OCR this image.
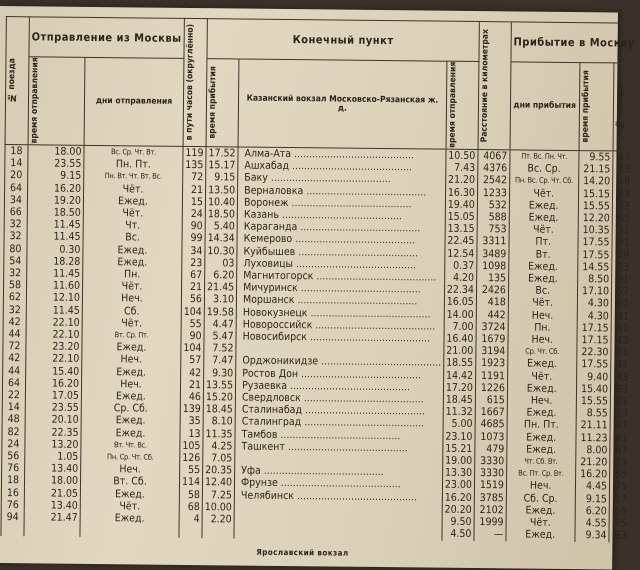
№ поезда	Отправление из Москвы		в пути часов (округлённо)	Конечный пункт			Расстояние в километрах	Прибытие в Москву		

	время отправления	дни отправления		время прибытия	Казанский вокзал Московско-Рязанская ж. д.	время отправления		дни прибытия	время прибытия	№ поезда

18	18.00	Вс. Ср. Чт. Вт.	119	17.52	Алма-Ата .....	10.50	4067	Пт. Вс. Пн. Чт.	9.55	17
14	23.55	Пн. Пт.	135	15.17	Ашхабад .....	7.43	4376	Вс. Ср.	21.15	13
20	9.15	Пн. Вт. Чт. Вт. Вс.	72	9.15	Баку .....	21.20	2542	Пн. Вс. Ср. Чт. Сб.	14.20	19
64	16.20	Чёт.	21	13.50	Верналовка .....	16.30	1233	Чёт.	15.15	63
34	19.20	Ежед.	15	10.40	Воронеж .....	19.40	532	Ежед.	15.55	33
66	18.50	Чёт.	24	18.50	Казань .....	15.05	588	Ежед.	12.20	65
32	11.45	Чт.	90	5.40	Караганда .....	13.15	753	Чёт.	10.35	31
32	11.45	Вс.	99	14.34	Кемерово .....	22.45	3311	Пт.	17.55	31
80	0.30	Ежед.	34	10.30	Куйбышев .....	12.54	3489	Вт.	17.55	79
54	18.28	Ежед.	23	03	Луховицы .....	0.37	1098	Ежед.	14.55	53
32	11.45	Пн.	67	6.20	Магнитогорск .....	4.20	135	Ежед.	8.50	31
58	11.60	Чёт.	21	21.45	Мичуринск .....	22.34	2426	Вс.	17.10	57
62	12.10	Неч.	56	3.10	Моршанск .....	16.05	418	Чёт.	4.30	61
32	11.45	Сб.	104	19.58	Новокузнецк .....	14.00	442	Неч.	4.30	31
42	22.10	Чёт.	55	4.47	Новороссийск .....	7.00	3724	Пн.	17.15	41
44	22.10	Вт. Ср. Пт.	90	5.47	Новосибирск .....	16.40	1679	Неч.	17.15	43
72	23.20	Ежед.	104	7.52		21.00	3194	Ср. Чт. Сб.	22.30	71
42	22.10	Неч.	57	7.47	Орджоникидзе .....	18.55	1923	Ежед.	17.55	41
44	15.40	Ежед.	42	9.30	Ростов Дон .....	14.42	1191	Чёт.	9.40	43
64	16.20	Неч.	21	13.55	Рузаевка .....	17.20	1226	Ежед.	15.40	63
22	17.05	Ежед.	46	15.20	Свердловск .....	18.45	615	Неч.	15.55	21
14	23.55	Ср. Сб.	139	18.45	Сталинабад .....	11.32	1667	Ежед.	8.55	13
48	20.10	Ежед.	35	8.10	Сталинград .....	5.00	4685	Пн. Пт.	21.11	47
82	22.35	Ежед.	13	11.35	Тамбов .....	23.10	1073	Ежед.	11.23	81
24	13.20	Вт. Чт. Вс.	105	4.25	Ташкент .....	15.21	479	Ежед.	8.00	67
56	1.05	Пн. Ср. Чт. Сб.	126	7.05		19.00	3330	Чт. Сб. Вт.	21.20	23
76	13.40	Неч.	55	20.35	Уфа .....	13.30	3330	Вс. Пт. Ср. Вт.	16.20	55
18	18.00	Вт. Сб.	114	12.40	Фрунзе .....	23.00	1519	Неч.	4.45	75
16	21.05	Ежед.	58	7.25	Челябинск .....	16.20	3785	Сб. Ср.	9.15	17
76	13.40	Чёт.	68	10.00		20.20	2102	Ежед.	6.20	15
94	21.47	Ежед.	4	2.20		9.50	1999	Чёт.	4.55	75
						4.50	—	Ежед.	9.34	93
Ярославский вокзал
